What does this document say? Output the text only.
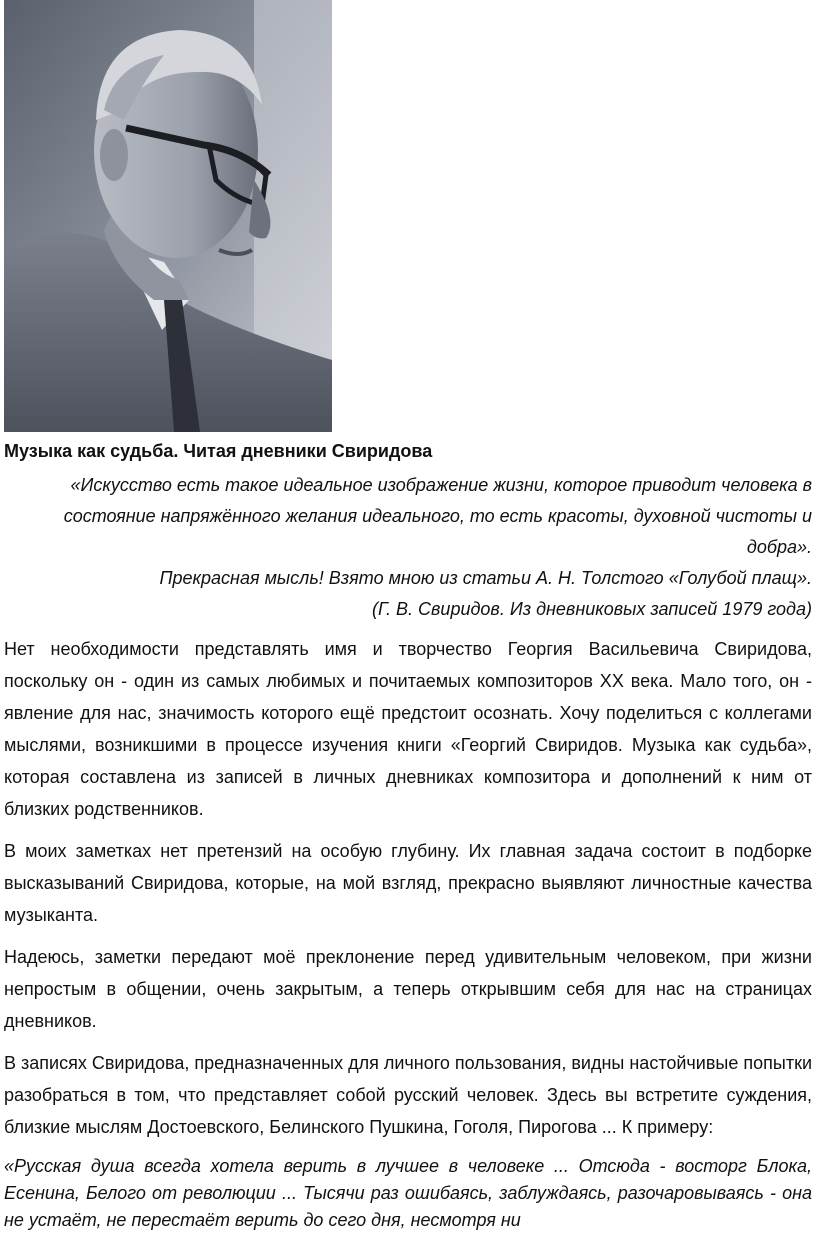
Музыка как судьба. Читая дневники Свиридова

«Искусство есть такое идеальное изображение жизни, которое приводит человека в состояние напряжённого желания идеального, то есть красоты, духовной чистоты и добра».

Прекрасная мысль! Взято мною из статьи А. Н. Толстого «Голубой плащ».

(Г. В. Свиридов. Из дневниковых записей 1979 года)

Нет необходимости представлять имя и творчество Георгия Васильевича Свиридова, поскольку он - один из самых любимых и почитаемых композиторов XX века. Мало того, он - явление для нас, значимость которого ещё предстоит осознать. Хочу поделиться с коллегами мыслями, возникшими в процессе изучения книги «Георгий Свиридов. Музыка как судьба», которая составлена из записей в личных дневниках композитора и дополнений к ним от близких родственников.

В моих заметках нет претензий на особую глубину. Их главная задача состоит в подборке высказываний Свиридова, которые, на мой взгляд, прекрасно выявляют личностные качества музыканта.

Надеюсь, заметки передают моё преклонение перед удивительным человеком, при жизни непростым в общении, очень закрытым, а теперь открывшим себя для нас на страницах дневников.

В записях Свиридова, предназначенных для личного пользования, видны настойчивые попытки разобраться в том, что представляет собой русский человек. Здесь вы встретите суждения, близкие мыслям Достоевского, Белинского Пушкина, Гоголя, Пирогова ... К примеру:

«Русская душа всегда хотела верить в лучшее в человеке ... Отсюда - восторг Блока, Есенина, Белого от революции ... Тысячи раз ошибаясь, заблуждаясь, разочаровываясь - она не устаёт, не перестаёт верить до сего дня, несмотря ни
